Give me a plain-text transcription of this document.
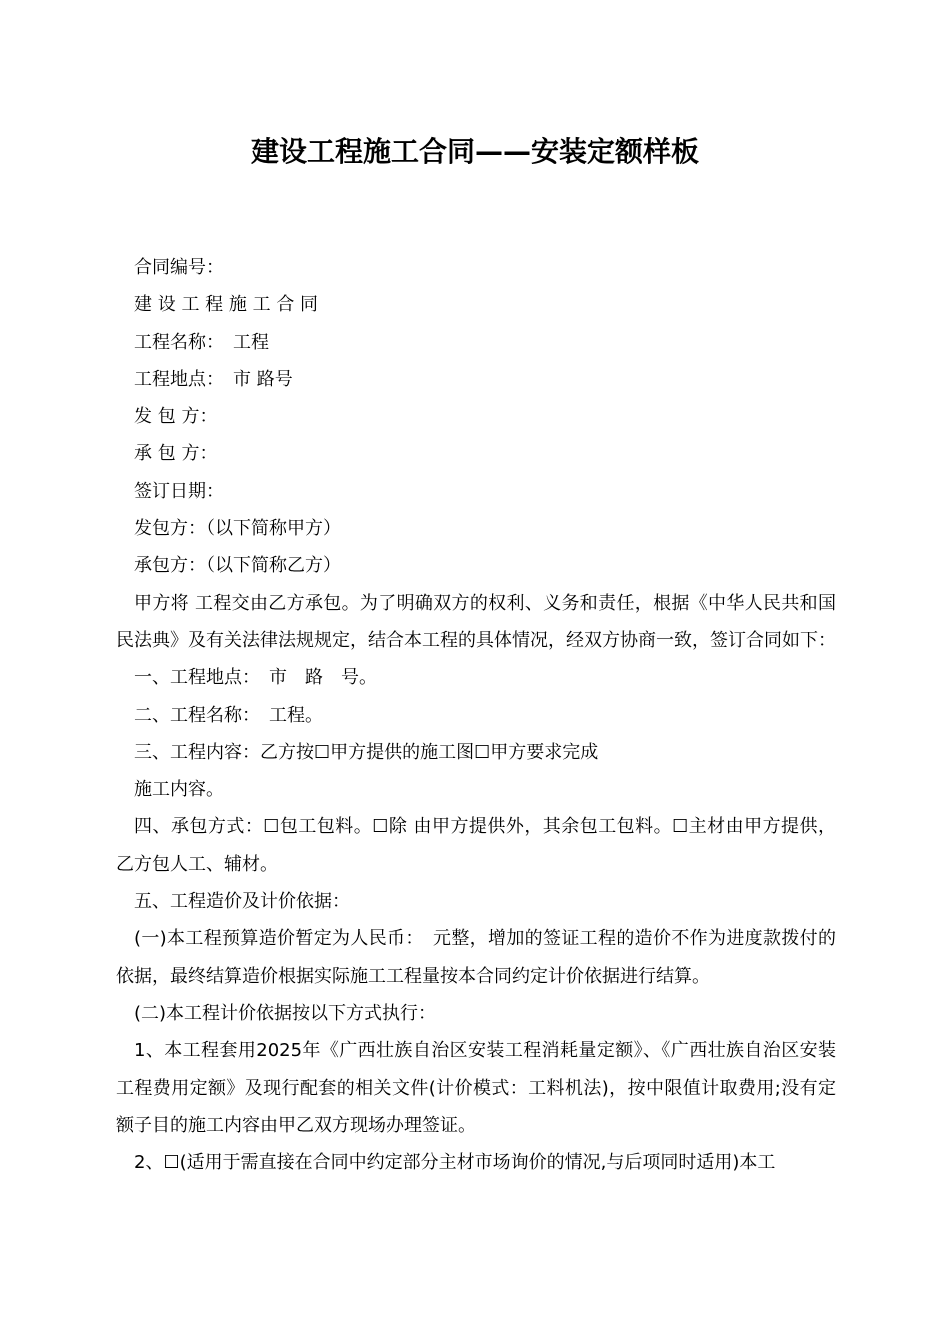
建设工程施工合同——安装定额样板
合同编号：
建 设 工 程 施 工 合 同
工程名称：　工程
工程地点：　市 路号
发 包 方：
承 包 方：
签订日期：
发包方：（以下简称甲方）
承包方：（以下简称乙方）
甲方将 工程交由乙方承包。为了明确双方的权利、义务和责任，根据《中华人民共和国民法典》及有关法律法规规定，结合本工程的具体情况，经双方协商一致，签订合同如下：
一、工程地点：　市　路　号。
二、工程名称：　工程。
三、工程内容：乙方按☐甲方提供的施工图☐甲方要求完成
施工内容。
四、承包方式：☐包工包料。☐除 由甲方提供外，其余包工包料。☐主材由甲方提供，乙方包人工、辅材。
五、工程造价及计价依据：
(一)本工程预算造价暂定为人民币：　元整，增加的签证工程的造价不作为进度款拨付的依据，最终结算造价根据实际施工工程量按本合同约定计价依据进行结算。
(二)本工程计价依据按以下方式执行：
1、本工程套用2025年《广西壮族自治区安装工程消耗量定额》、《广西壮族自治区安装工程费用定额》及现行配套的相关文件(计价模式：工料机法)，按中限值计取费用;没有定额子目的施工内容由甲乙双方现场办理签证。
2、☐(适用于需直接在合同中约定部分主材市场询价的情况,与后项同时适用)本工
